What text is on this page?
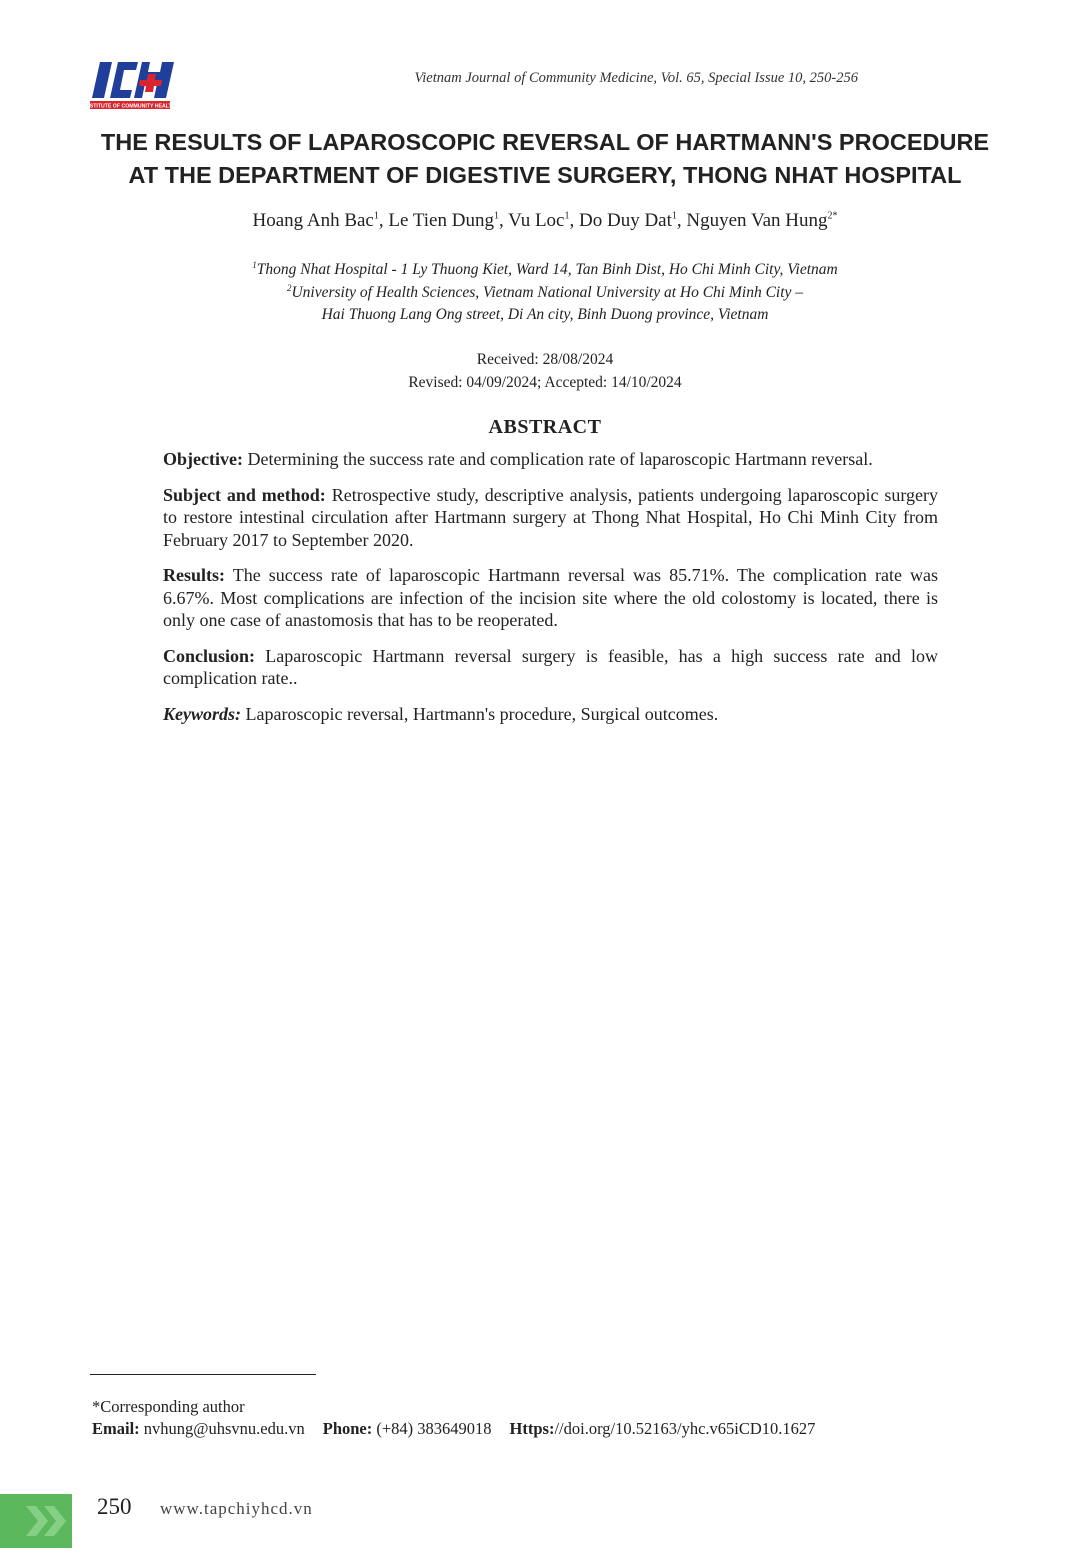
INSTITUTE OF COMMUNITY HEALTH
Vietnam Journal of Community Medicine, Vol. 65, Special Issue 10, 250-256
THE RESULTS OF LAPAROSCOPIC REVERSAL OF HARTMANN'S PROCEDURE
AT THE DEPARTMENT OF DIGESTIVE SURGERY, THONG NHAT HOSPITAL
Hoang Anh Bac$^1$, Le Tien Dung$^1$, Vu Loc$^1$, Do Duy Dat$^1$, Nguyen Van Hung$^{2*}$
$^1$Thong Nhat Hospital - 1 Ly Thuong Kiet, Ward 14, Tan Binh Dist, Ho Chi Minh City, Vietnam
$^2$University of Health Sciences, Vietnam National University at Ho Chi Minh City –
Hai Thuong Lang Ong street, Di An city, Binh Duong province, Vietnam
Received: 28/08/2024
Revised: 04/09/2024; Accepted: 14/10/2024
ABSTRACT

Objective: Determining the success rate and complication rate of laparoscopic Hartmann reversal.

Subject and method: Retrospective study, descriptive analysis, patients undergoing laparoscopic surgery to restore intestinal circulation after Hartmann surgery at Thong Nhat Hospital, Ho Chi Minh City from February 2017 to September 2020.

Results: The success rate of laparoscopic Hartmann reversal was 85.71%. The complication rate was 6.67%. Most complications are infection of the incision site where the old colostomy is located, there is only one case of anastomosis that has to be reoperated.

Conclusion: Laparoscopic Hartmann reversal surgery is feasible, has a high success rate and low complication rate..

Keywords: Laparoscopic reversal, Hartmann's procedure, Surgical outcomes.

*Corresponding author
Email: nvhung@uhsvnu.edu.vn Phone: (+84) 383649018 Https://doi.org/10.52163/yhc.v65iCD10.1627
250 www.tapchiyhcd.vn
